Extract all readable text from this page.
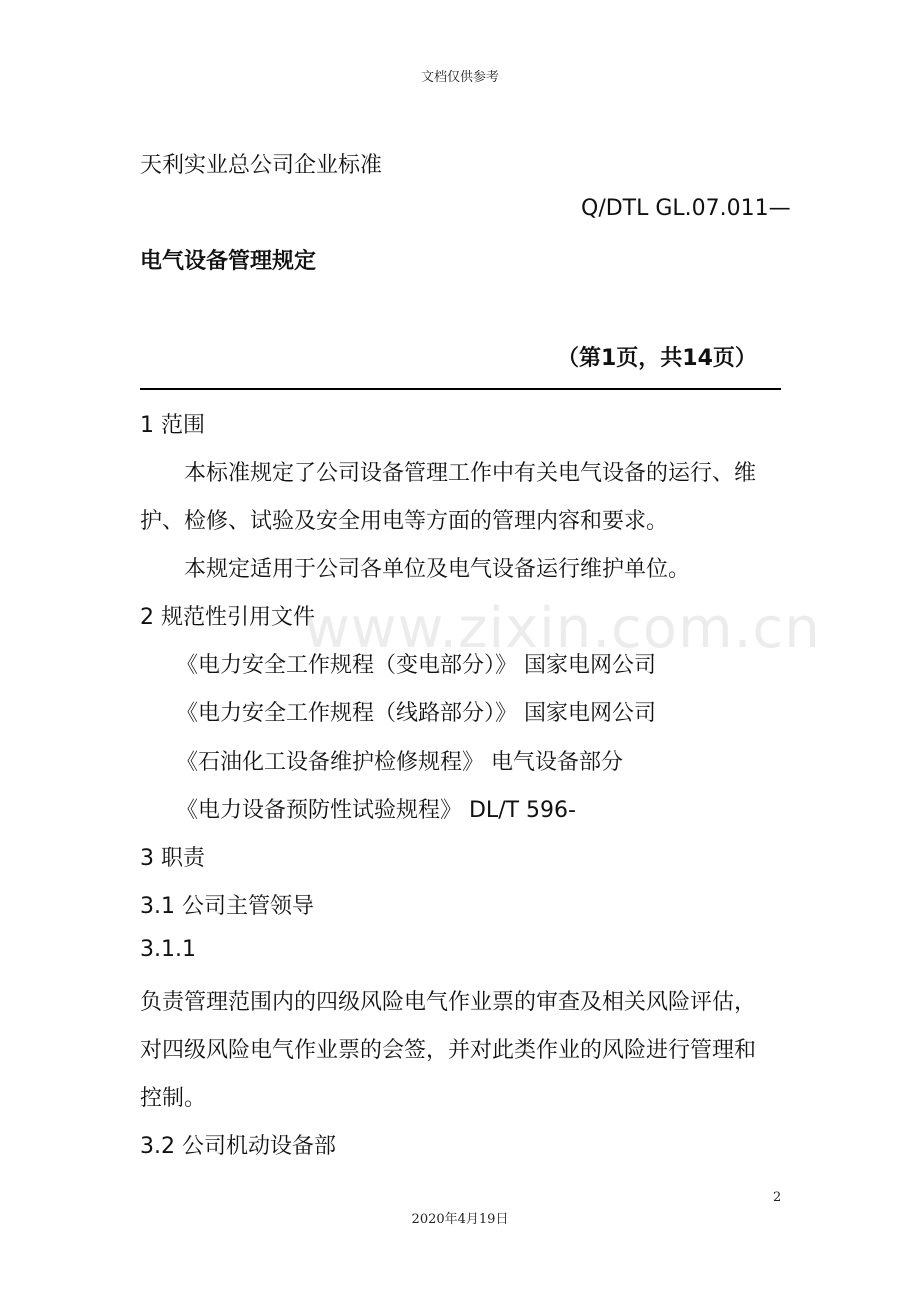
文档仅供参考
www.zixin.com.cn
天利实业总公司企业标准
Q/DTL GL.07.011—
电气设备管理规定
（第1页，共14页）
1 范围
本标准规定了公司设备管理工作中有关电气设备的运行、维
护、检修、试验及安全用电等方面的管理内容和要求。
本规定适用于公司各单位及电气设备运行维护单位。
2 规范性引用文件
《电力安全工作规程（变电部分）》 国家电网公司
《电力安全工作规程（线路部分）》 国家电网公司
《石油化工设备维护检修规程》 电气设备部分
《电力设备预防性试验规程》 DL/T 596-
3 职责
3.1 公司主管领导
3.1.1
负责管理范围内的四级风险电气作业票的审查及相关风险评估，
对四级风险电气作业票的会签，并对此类作业的风险进行管理和
控制。
3.2 公司机动设备部
2
2020年4月19日
